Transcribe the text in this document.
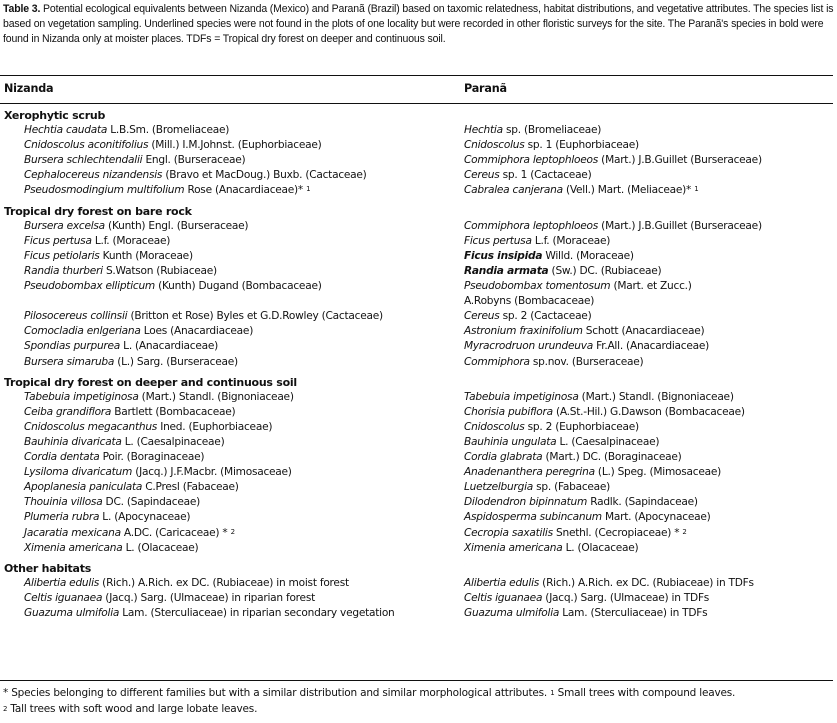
Table 3. Potential ecological equivalents between Nizanda (Mexico) and Paranã (Brazil) based on taxomic relatedness, habitat distributions, and vegetative attributes. The species list is based on vegetation sampling. Underlined species were not found in the plots of one locality but were recorded in other floristic surveys for the site. The Paranã's species in bold were found in Nizanda only at moister places. TDFs = Tropical dry forest on deeper and continuous soil.
Nizanda	Paranã
Xerophytic scrub
Hechtia caudata L.B.Sm. (Bromeliaceae)
Cnidoscolus aconitifolius (Mill.) I.M.Johnst. (Euphorbiaceae)
Bursera schlechtendalii Engl. (Burseraceae)
Cephalocereus nizandensis (Bravo et MacDoug.) Buxb. (Cactaceae)
Pseudosmodingium multifolium Rose (Anacardiaceae)* $^1$
Tropical dry forest on bare rock
Bursera excelsa (Kunth) Engl. (Burseraceae)
Ficus pertusa L.f. (Moraceae)
Ficus petiolaris Kunth (Moraceae)
Randia thurberi S.Watson (Rubiaceae)
Pseudobombax ellipticum (Kunth) Dugand (Bombacaceae)
Pilosocereus collinsii (Britton et Rose) Byles et G.D.Rowley (Cactaceae)
Comocladia enlgeriana Loes (Anacardiaceae)
Spondias purpurea L. (Anacardiaceae)
Bursera simaruba (L.) Sarg. (Burseraceae)
Tropical dry forest on deeper and continuous soil
Tabebuia impetiginosa (Mart.) Standl. (Bignoniaceae)
Ceiba grandiflora Bartlett (Bombacaceae)
Cnidoscolus megacanthus Ined. (Euphorbiaceae)
Bauhinia divaricata L. (Caesalpinaceae)
Cordia dentata Poir. (Boraginaceae)
Lysiloma divaricatum (Jacq.) J.F.Macbr. (Mimosaceae)
Apoplanesia paniculata C.Presl (Fabaceae)
Thouinia villosa DC. (Sapindaceae)
Plumeria rubra L. (Apocynaceae)
Jacaratia mexicana A.DC. (Caricaceae) * $^2$
Ximenia americana L. (Olacaceae)
Other habitats
Alibertia edulis (Rich.) A.Rich. ex DC. (Rubiaceae) in moist forest
Celtis iguanaea (Jacq.) Sarg. (Ulmaceae) in riparian forest
Guazuma ulmifolia Lam. (Sterculiaceae) in riparian secondary vegetation
Hechtia sp. (Bromeliaceae)
Cnidoscolus sp. 1 (Euphorbiaceae)
Commiphora leptophloeos (Mart.) J.B.Guillet (Burseraceae)
Cereus sp. 1 (Cactaceae)
Cabralea canjerana (Vell.) Mart. (Meliaceae)* $^1$
Commiphora leptophloeos (Mart.) J.B.Guillet (Burseraceae)
Ficus pertusa L.f. (Moraceae)
Ficus insipida Willd. (Moraceae)
Randia armata (Sw.) DC. (Rubiaceae)
Pseudobombax tomentosum (Mart. et Zucc.)
A.Robyns (Bombacaceae)
Cereus sp. 2 (Cactaceae)
Astronium fraxinifolium Schott (Anacardiaceae)
Myracrodruon urundeuva Fr.All. (Anacardiaceae)
Commiphora sp.nov. (Burseraceae)
Tabebuia impetiginosa (Mart.) Standl. (Bignoniaceae)
Chorisia pubiflora (A.St.-Hil.) G.Dawson (Bombacaceae)
Cnidoscolus sp. 2 (Euphorbiaceae)
Bauhinia ungulata L. (Caesalpinaceae)
Cordia glabrata (Mart.) DC. (Boraginaceae)
Anadenanthera peregrina (L.) Speg. (Mimosaceae)
Luetzelburgia sp. (Fabaceae)
Dilodendron bipinnatum Radlk. (Sapindaceae)
Aspidosperma subincanum Mart. (Apocynaceae)
Cecropia saxatilis Snethl. (Cecropiaceae) * $^2$
Ximenia americana L. (Olacaceae)
Alibertia edulis (Rich.) A.Rich. ex DC. (Rubiaceae) in TDFs
Celtis iguanaea (Jacq.) Sarg. (Ulmaceae) in TDFs
Guazuma ulmifolia Lam. (Sterculiaceae) in TDFs
* Species belonging to different families but with a similar distribution and similar morphological attributes. $^1$ Small trees with compound leaves.
$^2$ Tall trees with soft wood and large lobate leaves.
